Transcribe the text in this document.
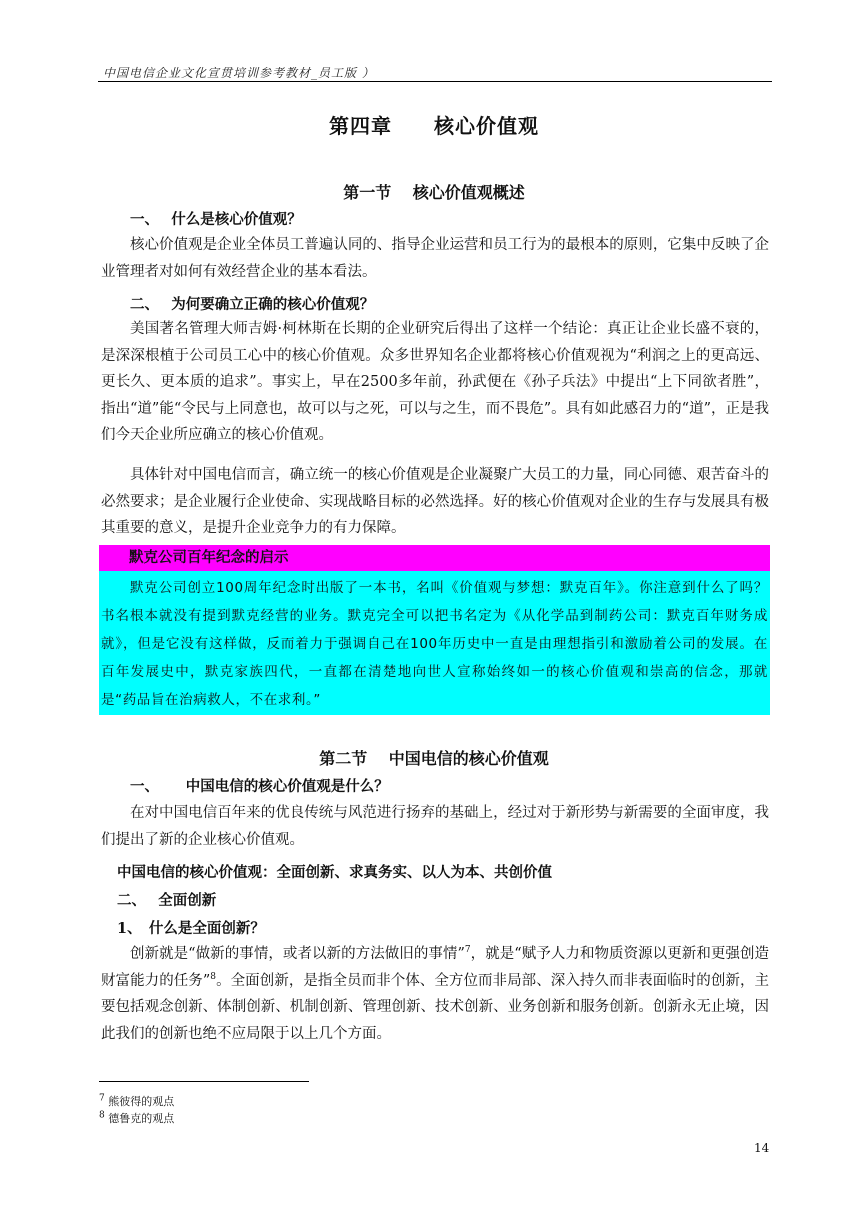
中国电信企业文化宣贯培训参考教材_员工版 ）
第四章　　核心价值观
第一节　 核心价值观概述
一、　 什么是核心价值观？
核心价值观是企业全体员工普遍认同的、指导企业运营和员工行为的最根本的原则，它集中反映了企业管理者对如何有效经营企业的基本看法。
二、　 为何要确立正确的核心价值观？
美国著名管理大师吉姆·柯林斯在长期的企业研究后得出了这样一个结论：真正让企业长盛不衰的，是深深根植于公司员工心中的核心价值观。众多世界知名企业都将核心价值观视为“利润之上的更高远、更长久、更本质的追求”。事实上，早在2500多年前，孙武便在《孙子兵法》中提出“上下同欲者胜”，指出“道”能“令民与上同意也，故可以与之死，可以与之生，而不畏危”。具有如此感召力的“道”，正是我们今天企业所应确立的核心价值观。
具体针对中国电信而言，确立统一的核心价值观是企业凝聚广大员工的力量，同心同德、艰苦奋斗的必然要求；是企业履行企业使命、实现战略目标的必然选择。好的核心价值观对企业的生存与发展具有极其重要的意义，是提升企业竞争力的有力保障。
默克公司百年纪念的启示
默克公司创立100周年纪念时出版了一本书，名叫《价值观与梦想：默克百年》。你注意到什么了吗？书名根本就没有提到默克经营的业务。默克完全可以把书名定为《从化学品到制药公司：默克百年财务成就》，但是它没有这样做，反而着力于强调自己在100年历史中一直是由理想指引和激励着公司的发展。在百年发展史中，默克家族四代，一直都在清楚地向世人宣称始终如一的核心价值观和崇高的信念，那就是“药品旨在治病救人，不在求利。”
第二节　 中国电信的核心价值观
一、　　 中国电信的核心价值观是什么？
在对中国电信百年来的优良传统与风范进行扬弃的基础上，经过对于新形势与新需要的全面审度，我们提出了新的企业核心价值观。
中国电信的核心价值观：全面创新、求真务实、以人为本、共创价值
二、　 全面创新
1、　什么是全面创新？
创新就是“做新的事情，或者以新的方法做旧的事情”$^7$，就是“赋予人力和物质资源以更新和更强创造财富能力的任务”$^8$。全面创新，是指全员而非个体、全方位而非局部、深入持久而非表面临时的创新，主要包括观念创新、体制创新、机制创新、管理创新、技术创新、业务创新和服务创新。创新永无止境，因此我们的创新也绝不应局限于以上几个方面。
$^7$ 熊彼得的观点
$^8$ 德鲁克的观点
14
